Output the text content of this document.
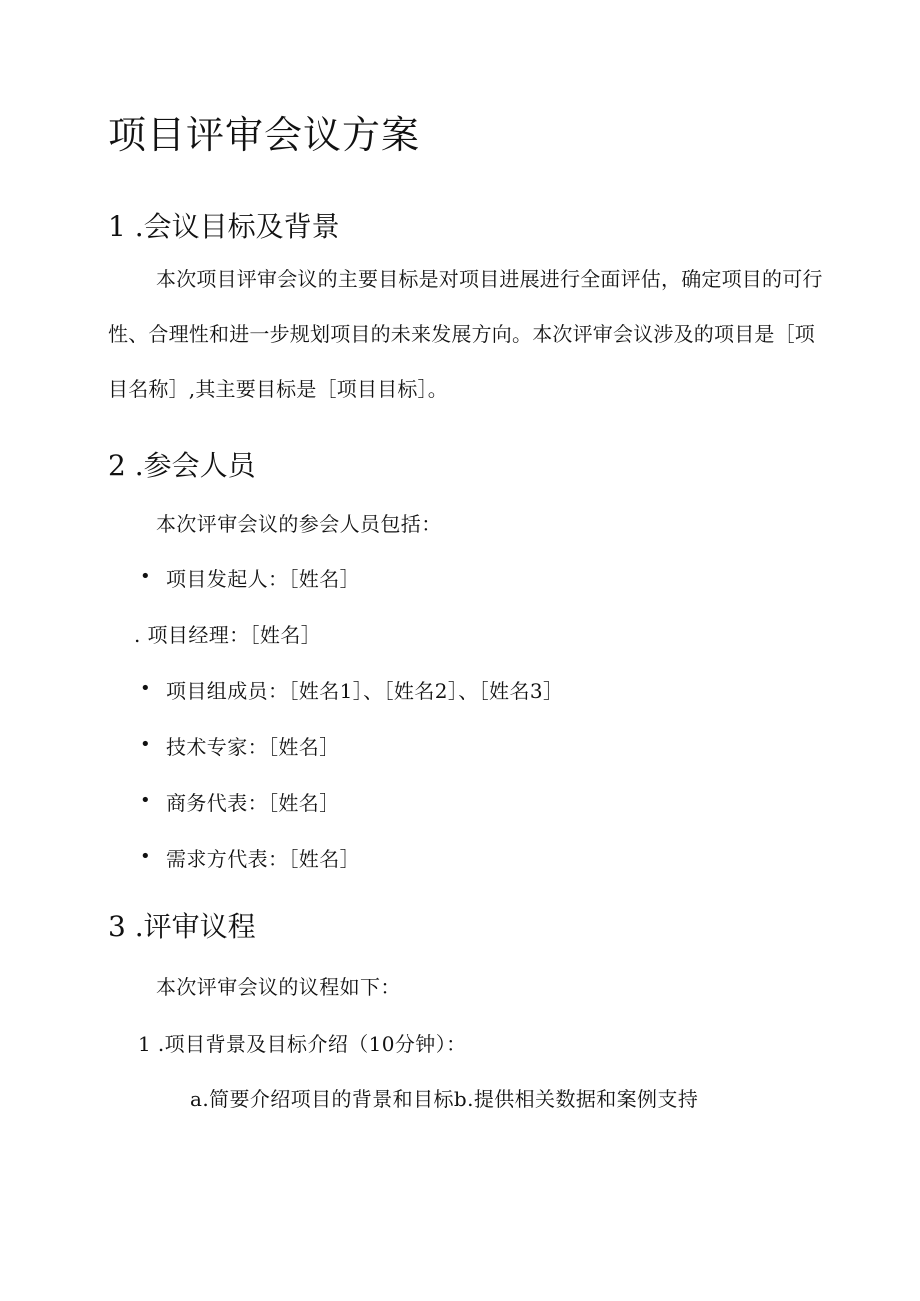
项目评审会议方案
1 .会议目标及背景
本次项目评审会议的主要目标是对项目进展进行全面评估，确定项目的可行性、合理性和进一步规划项目的未来发展方向。本次评审会议涉及的项目是［项目名称］,其主要目标是［项目目标］。
2 .参会人员
本次评审会议的参会人员包括：
• 项目发起人：［姓名］
. 项目经理：［姓名］
• 项目组成员：［姓名1］、［姓名2］、［姓名3］
• 技术专家：［姓名］
• 商务代表：［姓名］
• 需求方代表：［姓名］
3 .评审议程
本次评审会议的议程如下：
1 .项目背景及目标介绍（10分钟）：
a.简要介绍项目的背景和目标b.提供相关数据和案例支持
